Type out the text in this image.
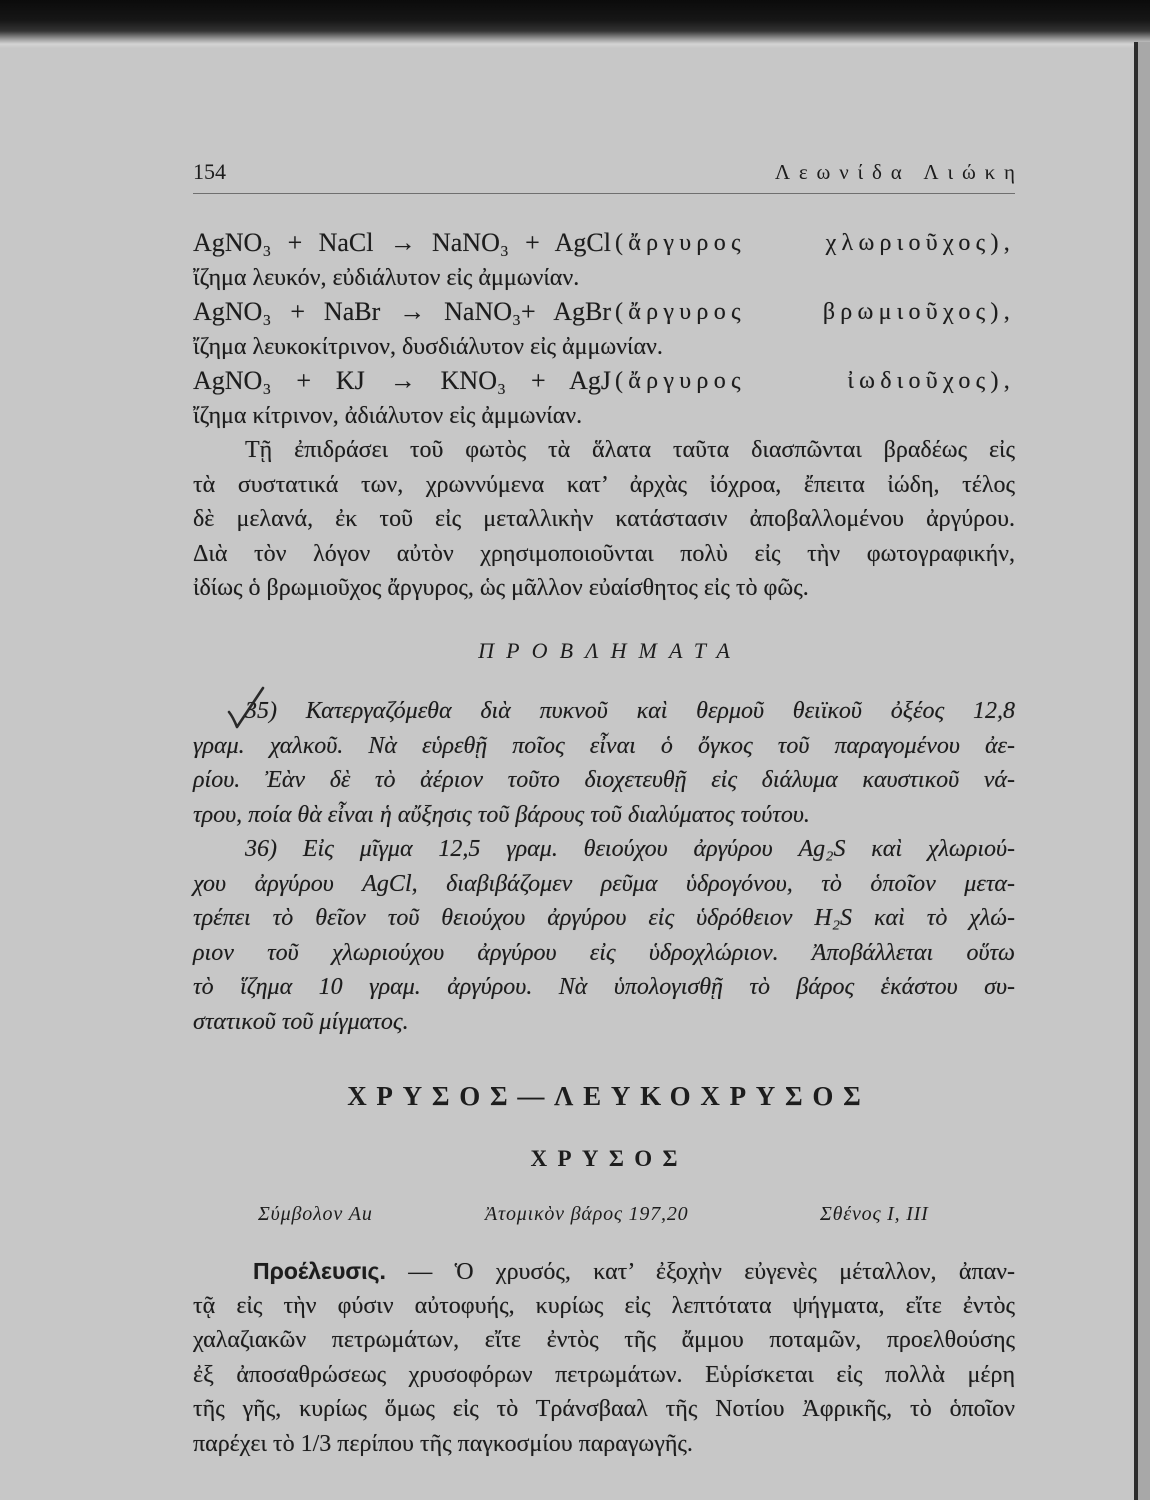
154	Λεωνίδα Λιώκη
AgNO₃ + NaCl → NaNO₃ + AgCl (ἄργυρος χλωριοῦχος),
ἴζημα λευκόν, εὐδιάλυτον εἰς ἀμμωνίαν.
AgNO₃ + NaBr → NaNO₃+ AgBr (ἄργυρος βρωμιοῦχος),
ἴζημα λευκοκίτρινον, δυσδιάλυτον εἰς ἀμμωνίαν.
AgNO₃ + KJ → KNO₃ + AgJ (ἄργυρος ἰωδιοῦχος),
ἴζημα κίτρινον, ἀδιάλυτον εἰς ἀμμωνίαν.
Τῇ ἐπιδράσει τοῦ φωτὸς τὰ ἅλατα ταῦτα διασπῶνται βραδέως εἰς
τὰ συστατικά των, χρωννύμενα κατ’ ἀρχὰς ἰόχροα, ἔπειτα ἰώδη, τέλος
δὲ μελανά, ἐκ τοῦ εἰς μεταλλικὴν κατάστασιν ἀποβαλλομένου ἀργύρου.
Διὰ τὸν λόγον αὐτὸν χρησιμοποιοῦνται πολὺ εἰς τὴν φωτογραφικήν,
ἰδίως ὁ βρωμιοῦχος ἄργυρος, ὡς μᾶλλον εὐαίσθητος εἰς τὸ φῶς.
ΠΡΟΒΛΗΜΑΤΑ
35) Κατεργαζόμεθα διὰ πυκνοῦ καὶ θερμοῦ θειϊκοῦ ὀξέος 12,8
γραμ. χαλκοῦ. Νὰ εὑρεθῇ ποῖος εἶναι ὁ ὄγκος τοῦ παραγομένου ἀε-
ρίου. Ἐὰν δὲ τὸ ἀέριον τοῦτο διοχετευθῇ εἰς διάλυμα καυστικοῦ νά-
τρου, ποία θὰ εἶναι ἡ αὔξησις τοῦ βάρους τοῦ διαλύματος τούτου.
36) Εἰς μῖγμα 12,5 γραμ. θειούχου ἀργύρου Ag₂S καὶ χλωριού-
χου ἀργύρου AgCl, διαβιβάζομεν ρεῦμα ὑδρογόνου, τὸ ὁποῖον μετα-
τρέπει τὸ θεῖον τοῦ θειούχου ἀργύρου εἰς ὑδρόθειον H₂S καὶ τὸ χλώ-
ριον τοῦ χλωριούχου ἀργύρου εἰς ὑδροχλώριον. Ἀποβάλλεται οὕτω
τὸ ἵζημα 10 γραμ. ἀργύρου. Νὰ ὑπολογισθῇ τὸ βάρος ἑκάστου συ-
στατικοῦ τοῦ μίγματος.
ΧΡΥΣΟΣ—ΛΕΥΚΟΧΡΥΣΟΣ
ΧΡΥΣΟΣ
Σύμβολον Au	Ἀτομικὸν βάρος 197,20	Σθένος I, III
Προέλευσις. — Ὁ χρυσός, κατ’ ἐξοχὴν εὐγενὲς μέταλλον, ἀπαν-
τᾷ εἰς τὴν φύσιν αὐτοφυής, κυρίως εἰς λεπτότατα ψήγματα, εἴτε ἐντὸς
χαλαζιακῶν πετρωμάτων, εἴτε ἐντὸς τῆς ἄμμου ποταμῶν, προελθούσης
ἐξ ἀποσαθρώσεως χρυσοφόρων πετρωμάτων. Εὑρίσκεται εἰς πολλὰ μέρη
τῆς γῆς, κυρίως ὅμως εἰς τὸ Τράνσβααλ τῆς Νοτίου Ἀφρικῆς, τὸ ὁποῖον
παρέχει τὸ 1/3 περίπου τῆς παγκοσμίου παραγωγῆς.
